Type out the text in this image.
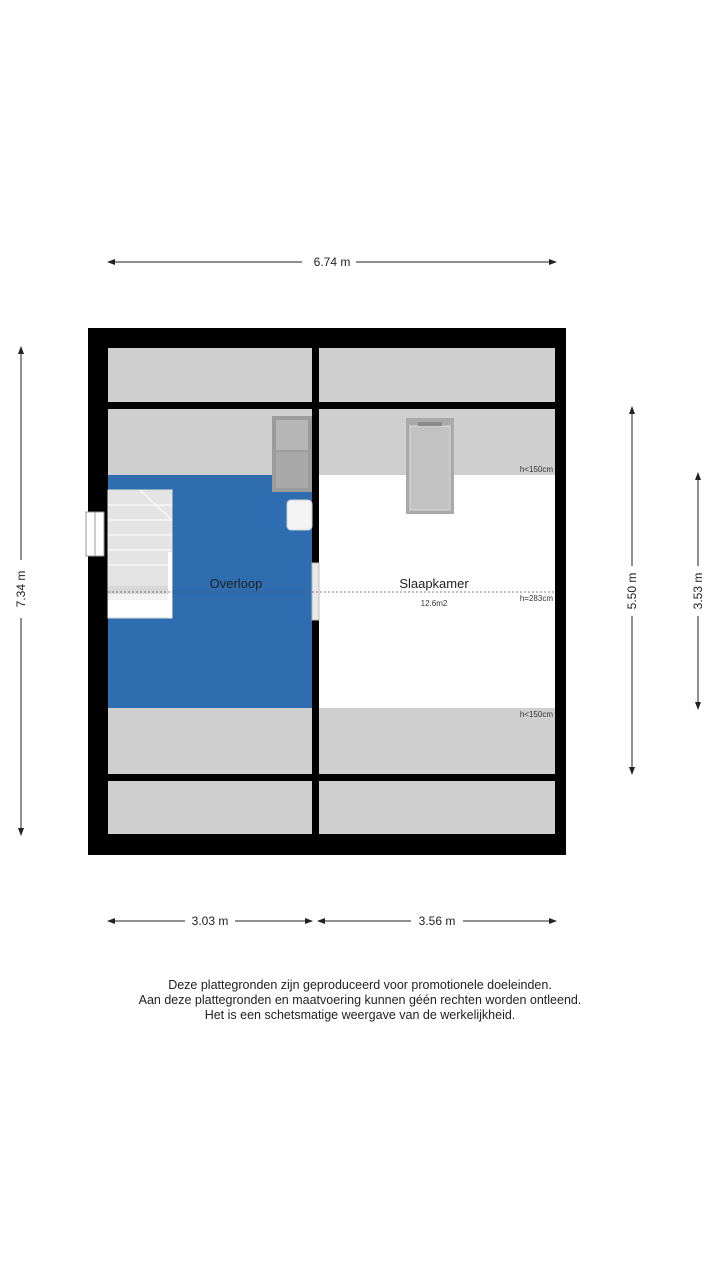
6.74 m
7.34 m	5.50 m	3.53 m
Overloop	Slaapkamer
12.6m2
h<150cm
h=283cm
h<150cm
3.03 m	3.56 m
Deze plattegronden zijn geproduceerd voor promotionele doeleinden.
Aan deze plattegronden en maatvoering kunnen géén rechten worden ontleend.
Het is een schetsmatige weergave van de werkelijkheid.
